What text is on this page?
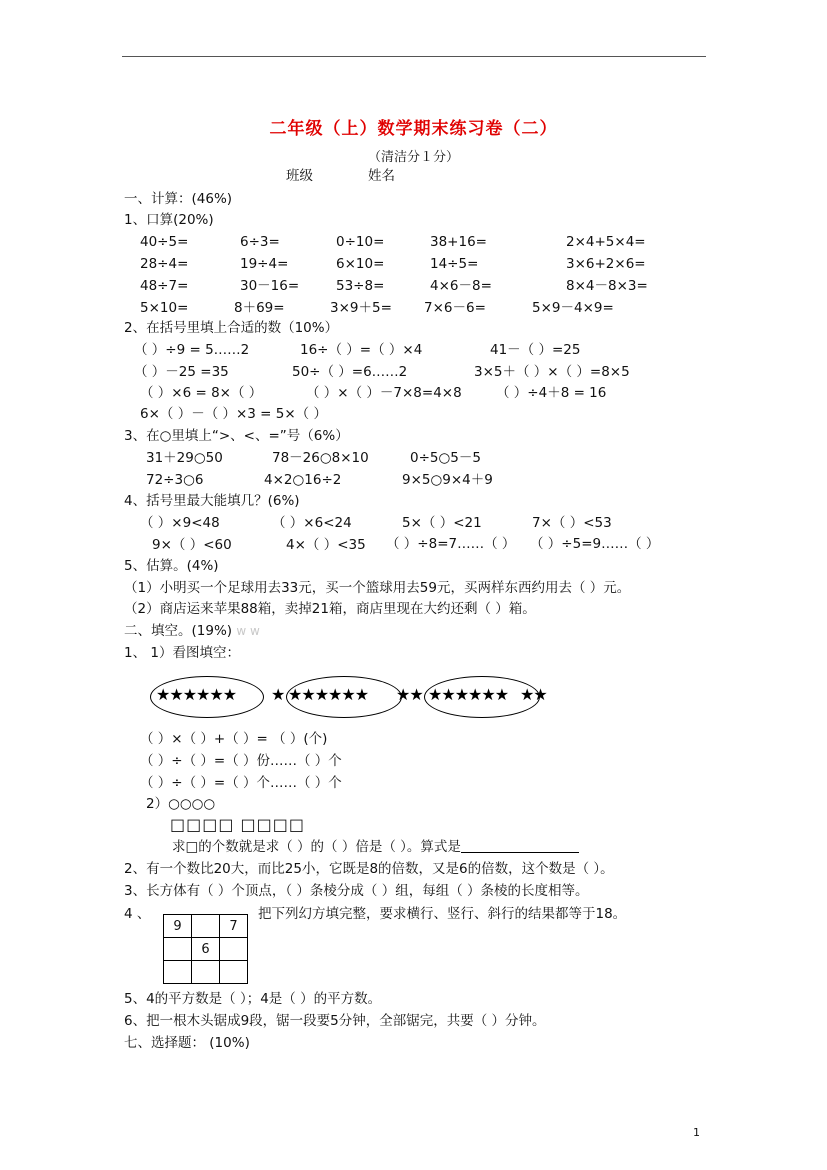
二年级（上）数学期末练习卷（二）
（清洁分１分）
班级	姓名
一、计算：(46%)
1、口算(20%)
40÷5=	6÷3=	0÷10=	38+16=	2×4+5×4=
28÷4=	19÷4=	6×10=	14÷5=	3×6+2×6=
48÷7=	30－16=	53÷8=	4×6－8=	8×4－8×3=
5×10=	8＋69=	3×9＋5= 7×6－6=	5×9－4×9=
2、在括号里填上合适的数（10%）
（ ）÷9 = 5……2	16÷（ ）=（ ）×4	41－（ ）=25
（ ）－25 =35	50÷（ ）=6……2	3×5＋（ ）×（ ）=8×5
（ ）×6 = 8×（ ）	（ ）×（ ）－7×8=4×8	（ ）÷4＋8 = 16
6×（ ）－（ ）×3 = 5×（ ）
3、在○里填上“>、<、=”号（6%）
31＋29○50	78－26○8×10	0÷5○5－5
72÷3○6	4×2○16÷2	9×5○9×4＋9
4、括号里最大能填几？(6%)
（ ）×9<48	（ ）×6<24	5×（ ）<21	7×（ ）<53
9×（ ）<60	4×（ ）<35 （ ）÷8=7……（ ） （ ）÷5=9……（ ）
5、估算。(4%)
（1）小明买一个足球用去33元，买一个篮球用去59元，买两样东西约用去（ ）元。
（2）商店运来苹果88箱，卖掉21箱，商店里现在大约还剩（ ）箱。
二、填空。(19%) w w
1、 1）看图填空：
★★★★★★ ★ ★★★★★★ ★★ ★★★★★★ ★★
（ ）×（ ）+（ ）= （ ）(个)
（ ）÷（ ）=（ ）份……（ ）个
（ ）÷（ ）=（ ）个……（ ）个
2）○○○○
□□□□ □□□□
求□的个数就是求（ ）的（ ）倍是（ ）。算式是
2、有一个数比20大，而比25小，它既是8的倍数，又是6的倍数，这个数是（ ）。
3、长方体有（ ）个顶点，（ ）条棱分成（ ）组，每组（ ）条棱的长度相等。
4 、	把下列幻方填完整，要求横行、竖行、斜行的结果都等于18。
9		7
	6	

5、4的平方数是（ ）；4是（ ）的平方数。
6、把一根木头锯成9段，锯一段要5分钟，全部锯完，共要（ ）分钟。
七、选择题： (10%)
1
